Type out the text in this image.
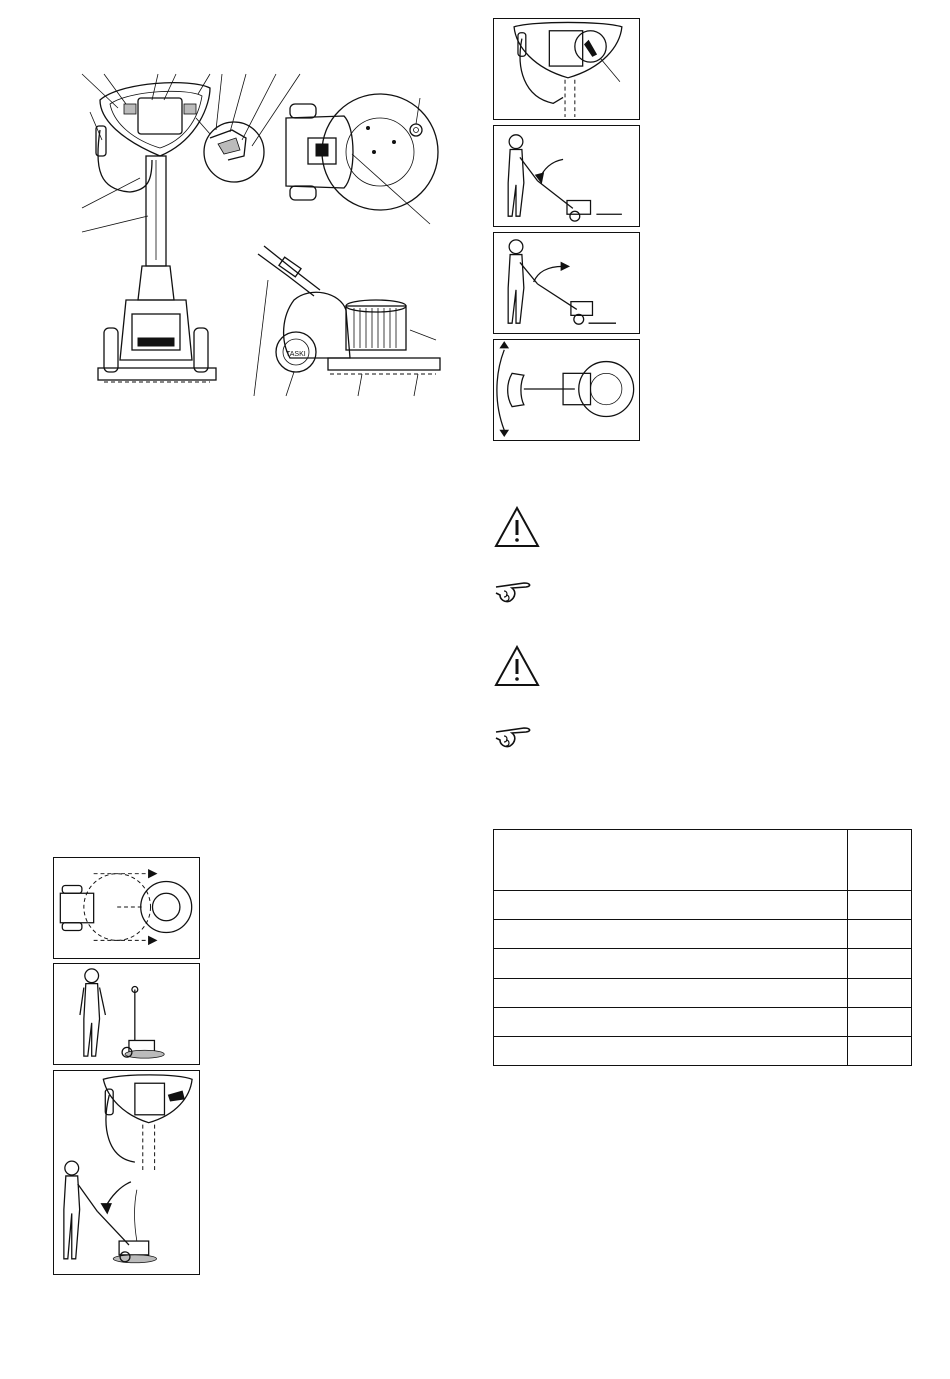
TASKI
